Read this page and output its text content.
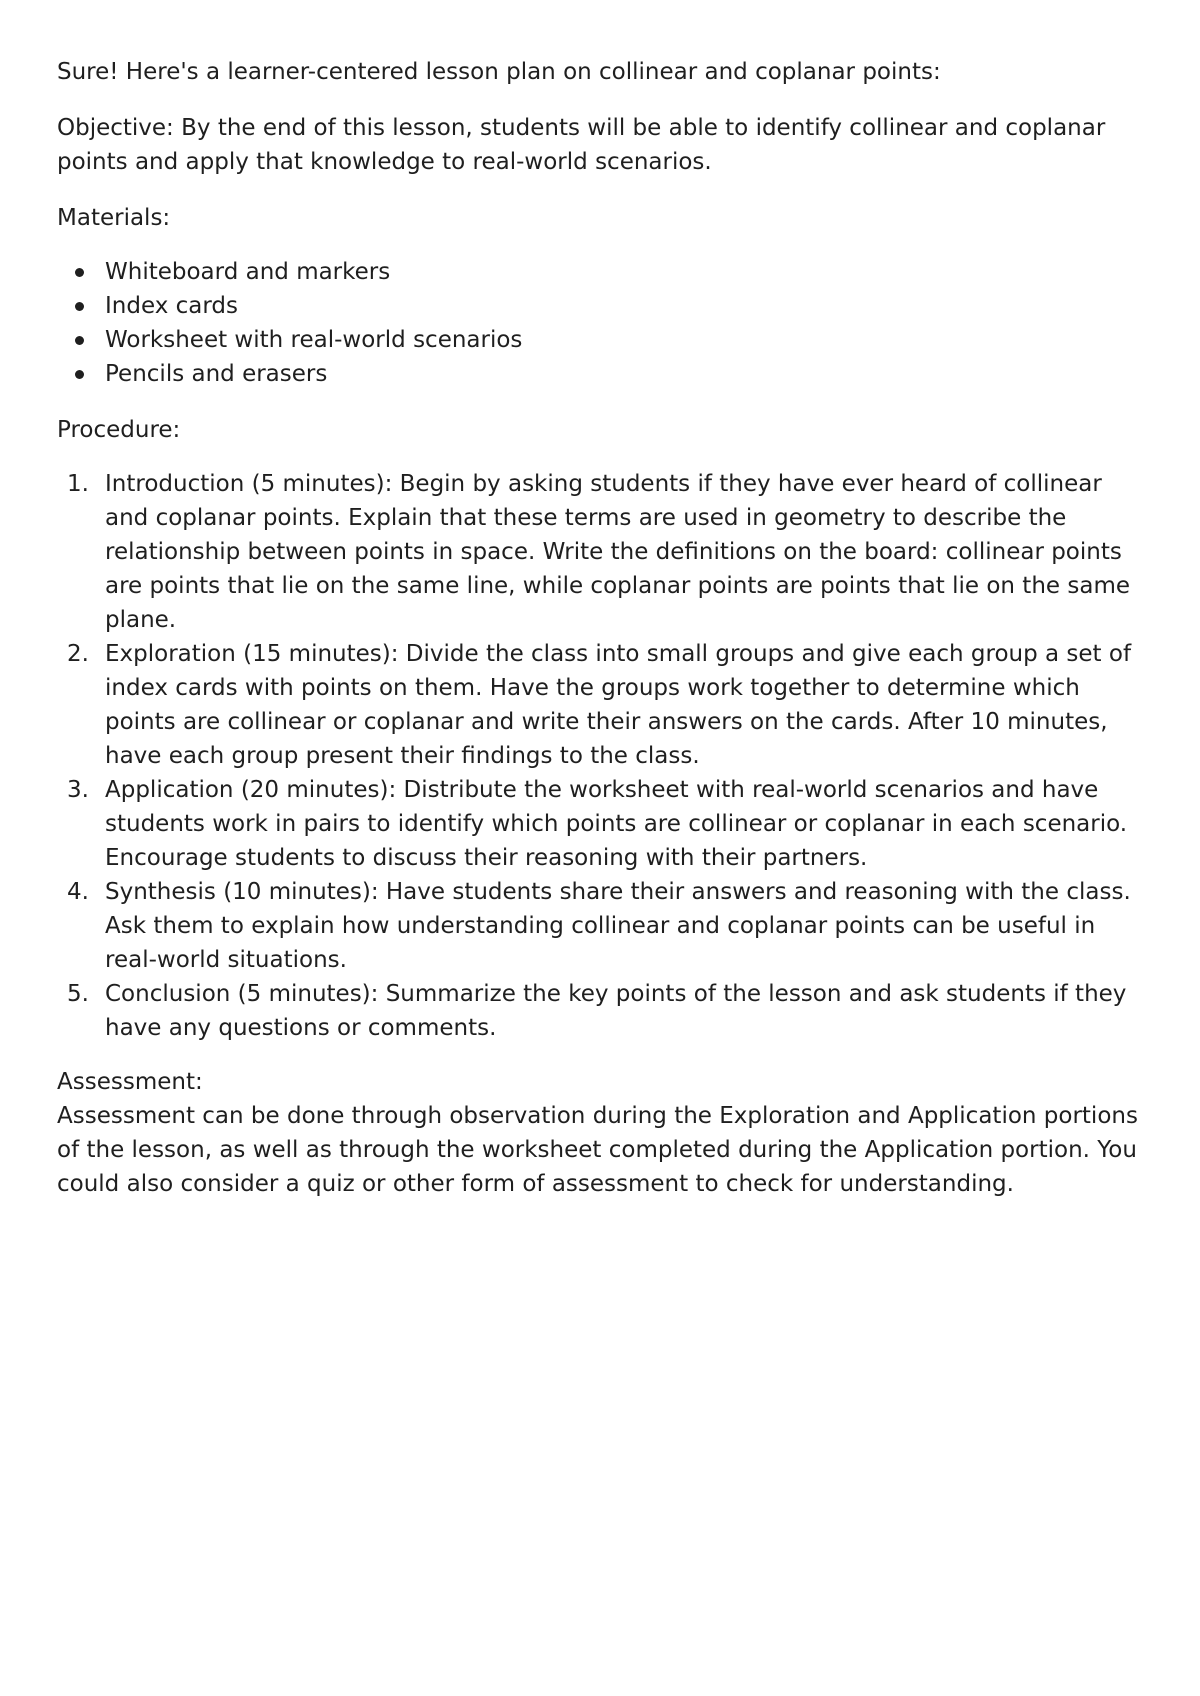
Sure! Here's a learner-centered lesson plan on collinear and coplanar points:

Objective: By the end of this lesson, students will be able to identify collinear and coplanar points and apply that knowledge to real-world scenarios.

Materials:

Whiteboard and markers
Index cards
Worksheet with real-world scenarios
Pencils and erasers

Procedure:

1. Introduction (5 minutes): Begin by asking students if they have ever heard of collinear and coplanar points. Explain that these terms are used in geometry to describe the relationship between points in space. Write the definitions on the board: collinear points are points that lie on the same line, while coplanar points are points that lie on the same plane.
2. Exploration (15 minutes): Divide the class into small groups and give each group a set of index cards with points on them. Have the groups work together to determine which points are collinear or coplanar and write their answers on the cards. After 10 minutes, have each group present their findings to the class.
3. Application (20 minutes): Distribute the worksheet with real-world scenarios and have students work in pairs to identify which points are collinear or coplanar in each scenario. Encourage students to discuss their reasoning with their partners.
4. Synthesis (10 minutes): Have students share their answers and reasoning with the class. Ask them to explain how understanding collinear and coplanar points can be useful in real-world situations.
5. Conclusion (5 minutes): Summarize the key points of the lesson and ask students if they have any questions or comments.

Assessment:

Assessment can be done through observation during the Exploration and Application portions of the lesson, as well as through the worksheet completed during the Application portion. You could also consider a quiz or other form of assessment to check for understanding.
